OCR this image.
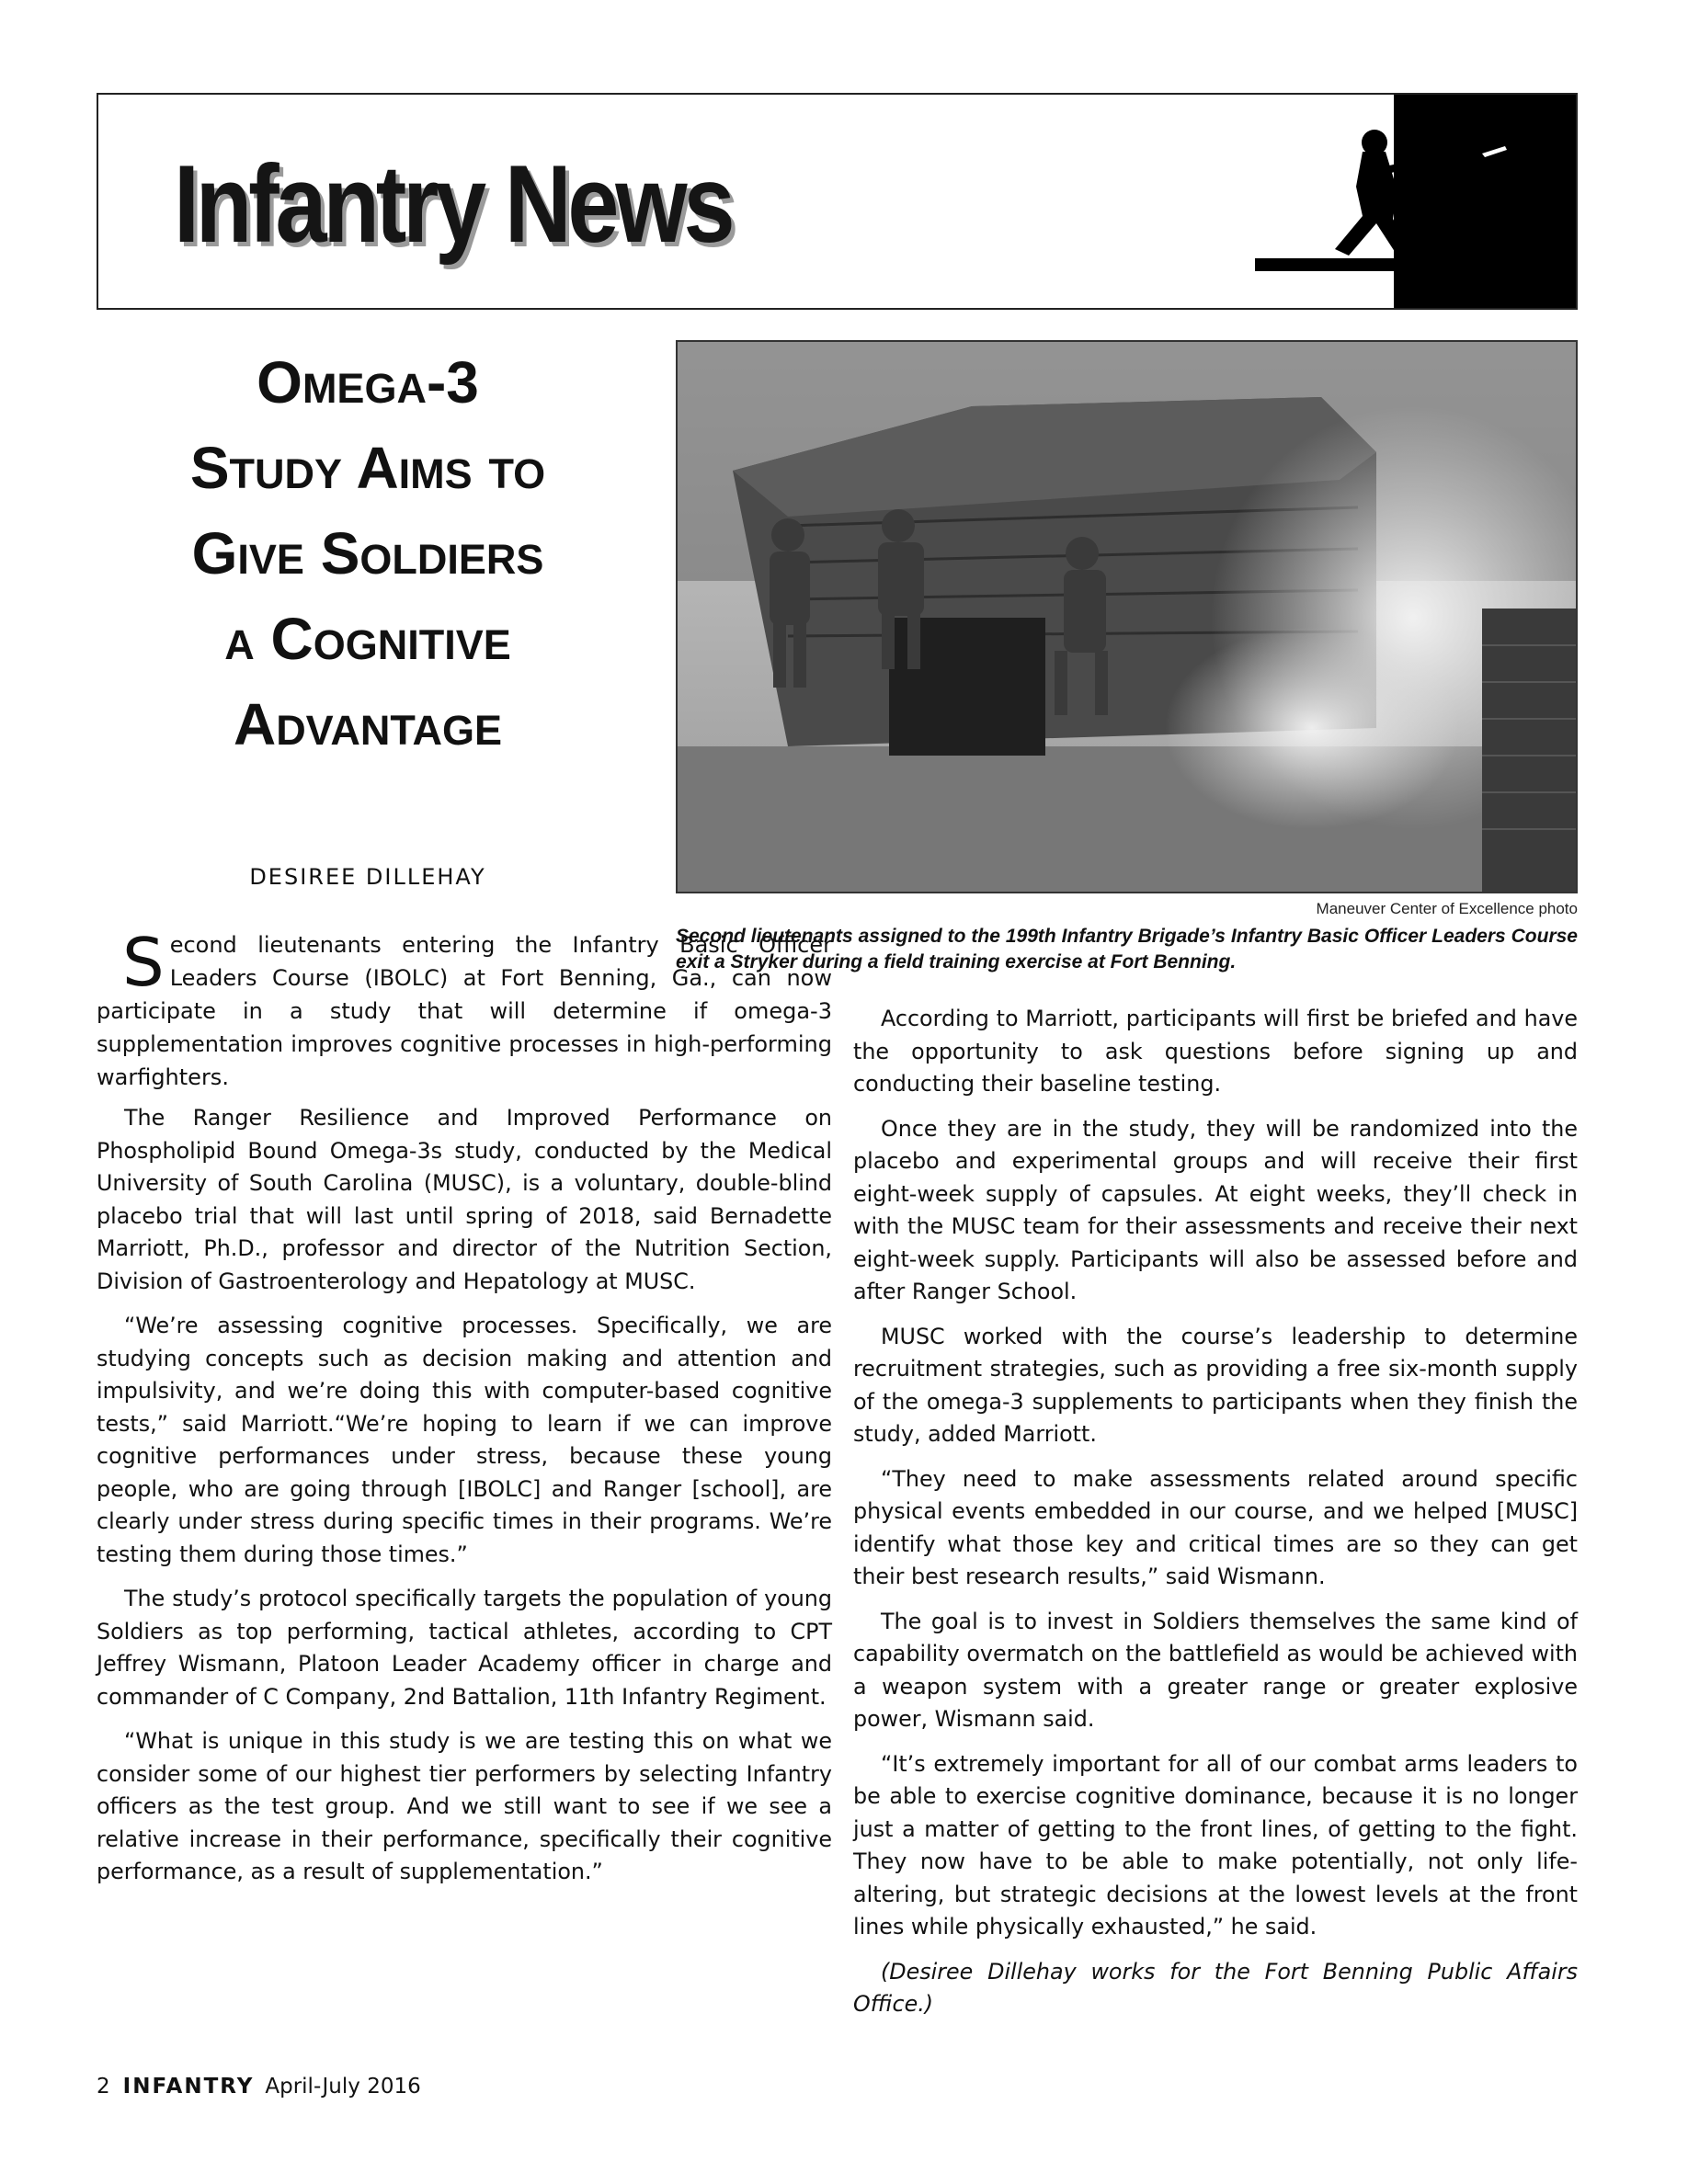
Infantry News
Omega-3
Study Aims to
Give Soldiers
a Cognitive
Advantage
DESIREE DILLEHAY
Maneuver Center of Excellence photo
Second lieutenants assigned to the 199th Infantry Brigade’s Infantry Basic Officer Leaders Course exit a Stryker during a field training exercise at Fort Benning.
Second lieutenants entering the Infantry Basic Officer Leaders Course (IBOLC) at Fort Benning, Ga., can now participate in a study that will determine if omega-3 supplementation improves cognitive processes in high-performing warfighters.

The Ranger Resilience and Improved Performance on Phospholipid Bound Omega-3s study, conducted by the Medical University of South Carolina (MUSC), is a voluntary, double-blind placebo trial that will last until spring of 2018, said Bernadette Marriott, Ph.D., professor and director of the Nutrition Section, Division of Gastroenterology and Hepatology at MUSC.

“We’re assessing cognitive processes. Specifically, we are studying concepts such as decision making and attention and impulsivity, and we’re doing this with computer-based cognitive tests,” said Marriott.“We’re hoping to learn if we can improve cognitive performances under stress, because these young people, who are going through [IBOLC] and Ranger [school], are clearly under stress during specific times in their programs. We’re testing them during those times.”

The study’s protocol specifically targets the population of young Soldiers as top performing, tactical athletes, according to CPT Jeffrey Wismann, Platoon Leader Academy officer in charge and commander of C Company, 2nd Battalion, 11th Infantry Regiment.

“What is unique in this study is we are testing this on what we consider some of our highest tier performers by selecting Infantry officers as the test group. And we still want to see if we see a relative increase in their performance, specifically their cognitive performance, as a result of supplementation.”

According to Marriott, participants will first be briefed and have the opportunity to ask questions before signing up and conducting their baseline testing.

Once they are in the study, they will be randomized into the placebo and experimental groups and will receive their first eight-week supply of capsules. At eight weeks, they’ll check in with the MUSC team for their assessments and receive their next eight-week supply. Participants will also be assessed before and after Ranger School.

MUSC worked with the course’s leadership to determine recruitment strategies, such as providing a free six-month supply of the omega-3 supplements to participants when they finish the study, added Marriott.

“They need to make assessments related around specific physical events embedded in our course, and we helped [MUSC] identify what those key and critical times are so they can get their best research results,” said Wismann.

The goal is to invest in Soldiers themselves the same kind of capability overmatch on the battlefield as would be achieved with a weapon system with a greater range or greater explosive power, Wismann said.

“It’s extremely important for all of our combat arms leaders to be able to exercise cognitive dominance, because it is no longer just a matter of getting to the front lines, of getting to the fight. They now have to be able to make potentially, not only life-altering, but strategic decisions at the lowest levels at the front lines while physically exhausted,” he said.

(Desiree Dillehay works for the Fort Benning Public Affairs Office.)

2 INFANTRY April-July 2016
